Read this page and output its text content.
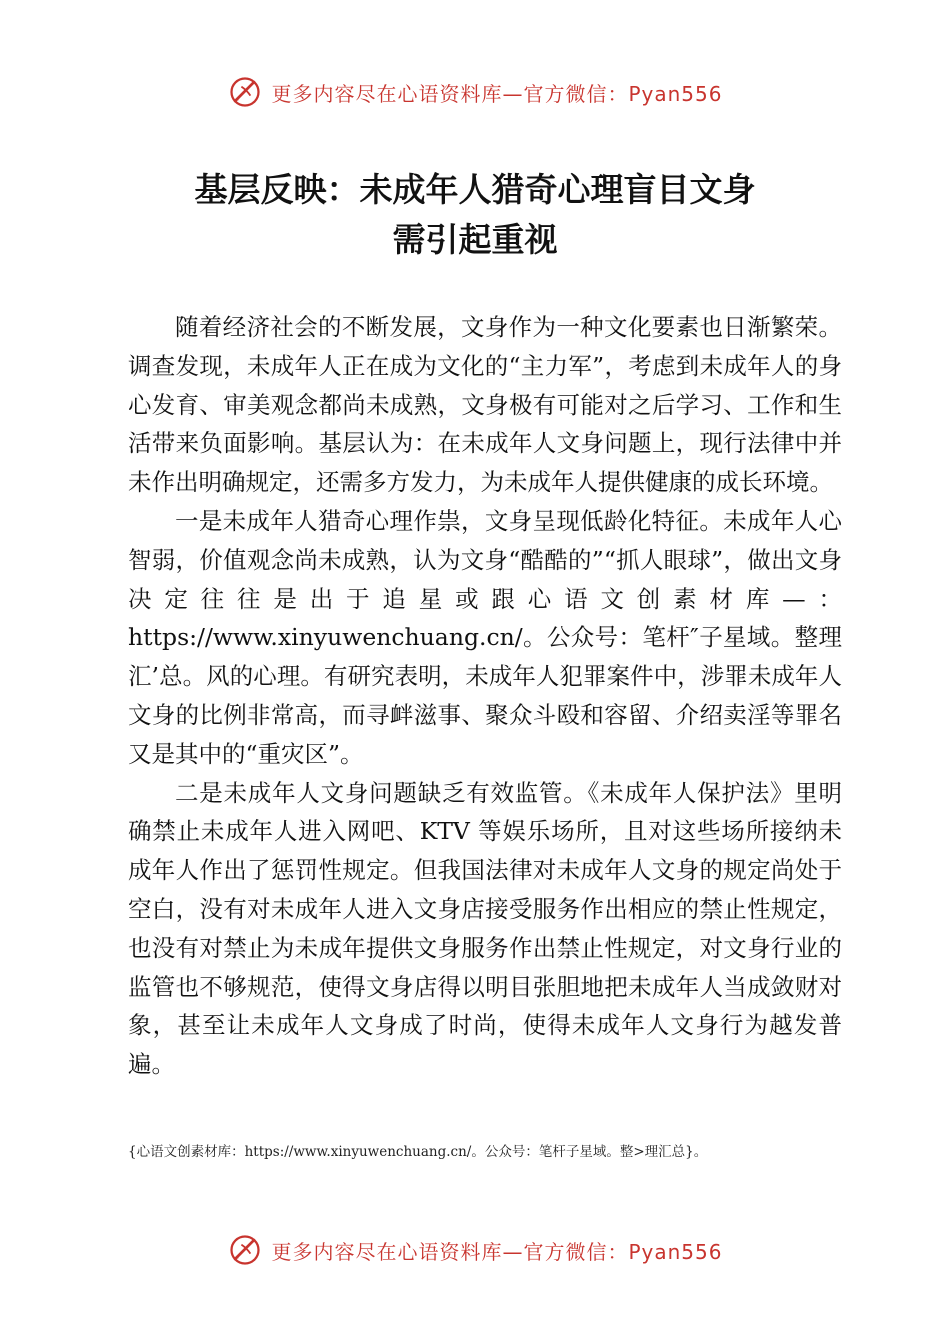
更多内容尽在心语资料库—官方微信：Pyan556
基层反映：未成年人猎奇心理盲目文身
需引起重视

随着经济社会的不断发展，文身作为一种文化要素也日渐繁荣。调查发现，未成年人正在成为文化的“主力军”，考虑到未成年人的身心发育、审美观念都尚未成熟，文身极有可能对之后学习、工作和生活带来负面影响。基层认为：在未成年人文身问题上，现行法律中并未作出明确规定，还需多方发力，为未成年人提供健康的成长环境。

一是未成年人猎奇心理作祟，文身呈现低龄化特征。未成年人心智弱，价值观念尚未成熟，认为文身“酷酷的”“抓人眼球”，做出文身决定往往是出于追星或跟心语文创素材库—：https://www.xinyuwenchuang.cn/。公众号：笔杆″子星域。整理汇’总。风的心理。有研究表明，未成年人犯罪案件中，涉罪未成年人文身的比例非常高，而寻衅滋事、聚众斗殴和容留、介绍卖淫等罪名又是其中的“重灾区”。

二是未成年人文身问题缺乏有效监管。《未成年人保护法》里明确禁止未成年人进入网吧、KTV 等娱乐场所，且对这些场所接纳未成年人作出了惩罚性规定。但我国法律对未成年人文身的规定尚处于空白，没有对未成年人进入文身店接受服务作出相应的禁止性规定，也没有对禁止为未成年提供文身服务作出禁止性规定，对文身行业的监管也不够规范，使得文身店得以明目张胆地把未成年人当成敛财对象，甚至让未成年人文身成了时尚，使得未成年人文身行为越发普遍。

{心语文创素材库：https://www.xinyuwenchuang.cn/。公众号：笔杆子星域。整>理汇总}。
更多内容尽在心语资料库—官方微信：Pyan556
